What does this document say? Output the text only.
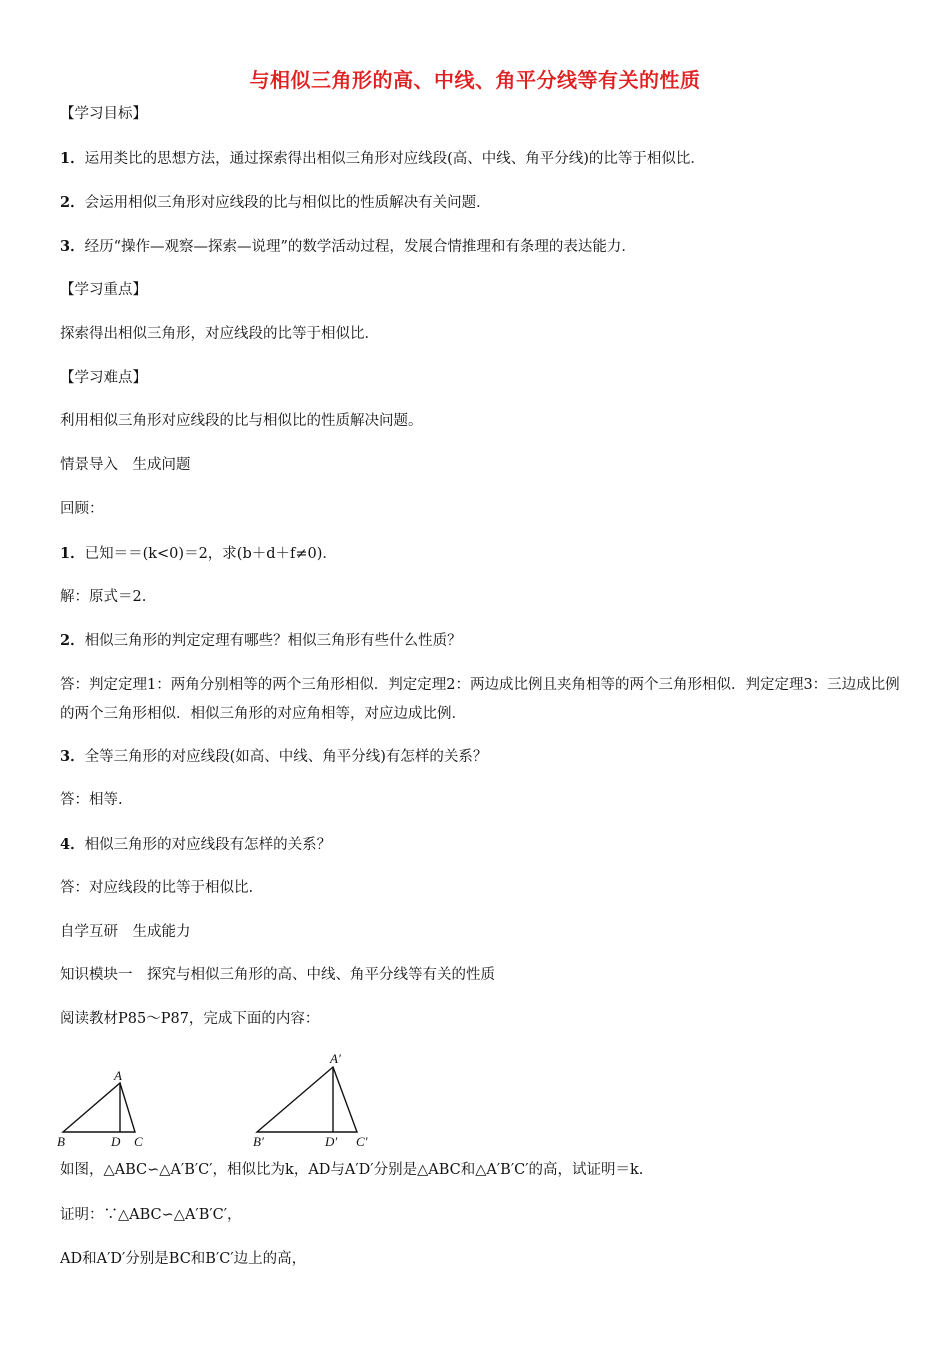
与相似三角形的高、中线、角平分线等有关的性质
【学习目标】
1．运用类比的思想方法，通过探索得出相似三角形对应线段(高、中线、角平分线)的比等于相似比．
2．会运用相似三角形对应线段的比与相似比的性质解决有关问题．
3．经历“操作—观察—探索—说理”的数学活动过程，发展合情推理和有条理的表达能力．
【学习重点】
探索得出相似三角形，对应线段的比等于相似比．
【学习难点】
利用相似三角形对应线段的比与相似比的性质解决问题。
情景导入　生成问题
回顾：
1．已知＝＝(k<0)＝2，求(b＋d＋f≠0)．
解：原式＝2.
2．相似三角形的判定定理有哪些？相似三角形有些什么性质？
答：判定定理1：两角分别相等的两个三角形相似．判定定理2：两边成比例且夹角相等的两个三角形相似．判定定理3：三边成比例的两个三角形相似．相似三角形的对应角相等，对应边成比例．
3．全等三角形的对应线段(如高、中线、角平分线)有怎样的关系？
答：相等.
4．相似三角形的对应线段有怎样的关系？
答：对应线段的比等于相似比.
自学互研　生成能力
知识模块一　探究与相似三角形的高、中线、角平分线等有关的性质
阅读教材P85～P87，完成下面的内容：
A
B	D C
A′
B′	D′ C′
如图，△ABC∽△A′B′C′，相似比为k，AD与A′D′分别是△ABC和△A′B′C′的高，试证明＝k.
证明：∵△ABC∽△A′B′C′，
AD和A′D′分别是BC和B′C′边上的高，
